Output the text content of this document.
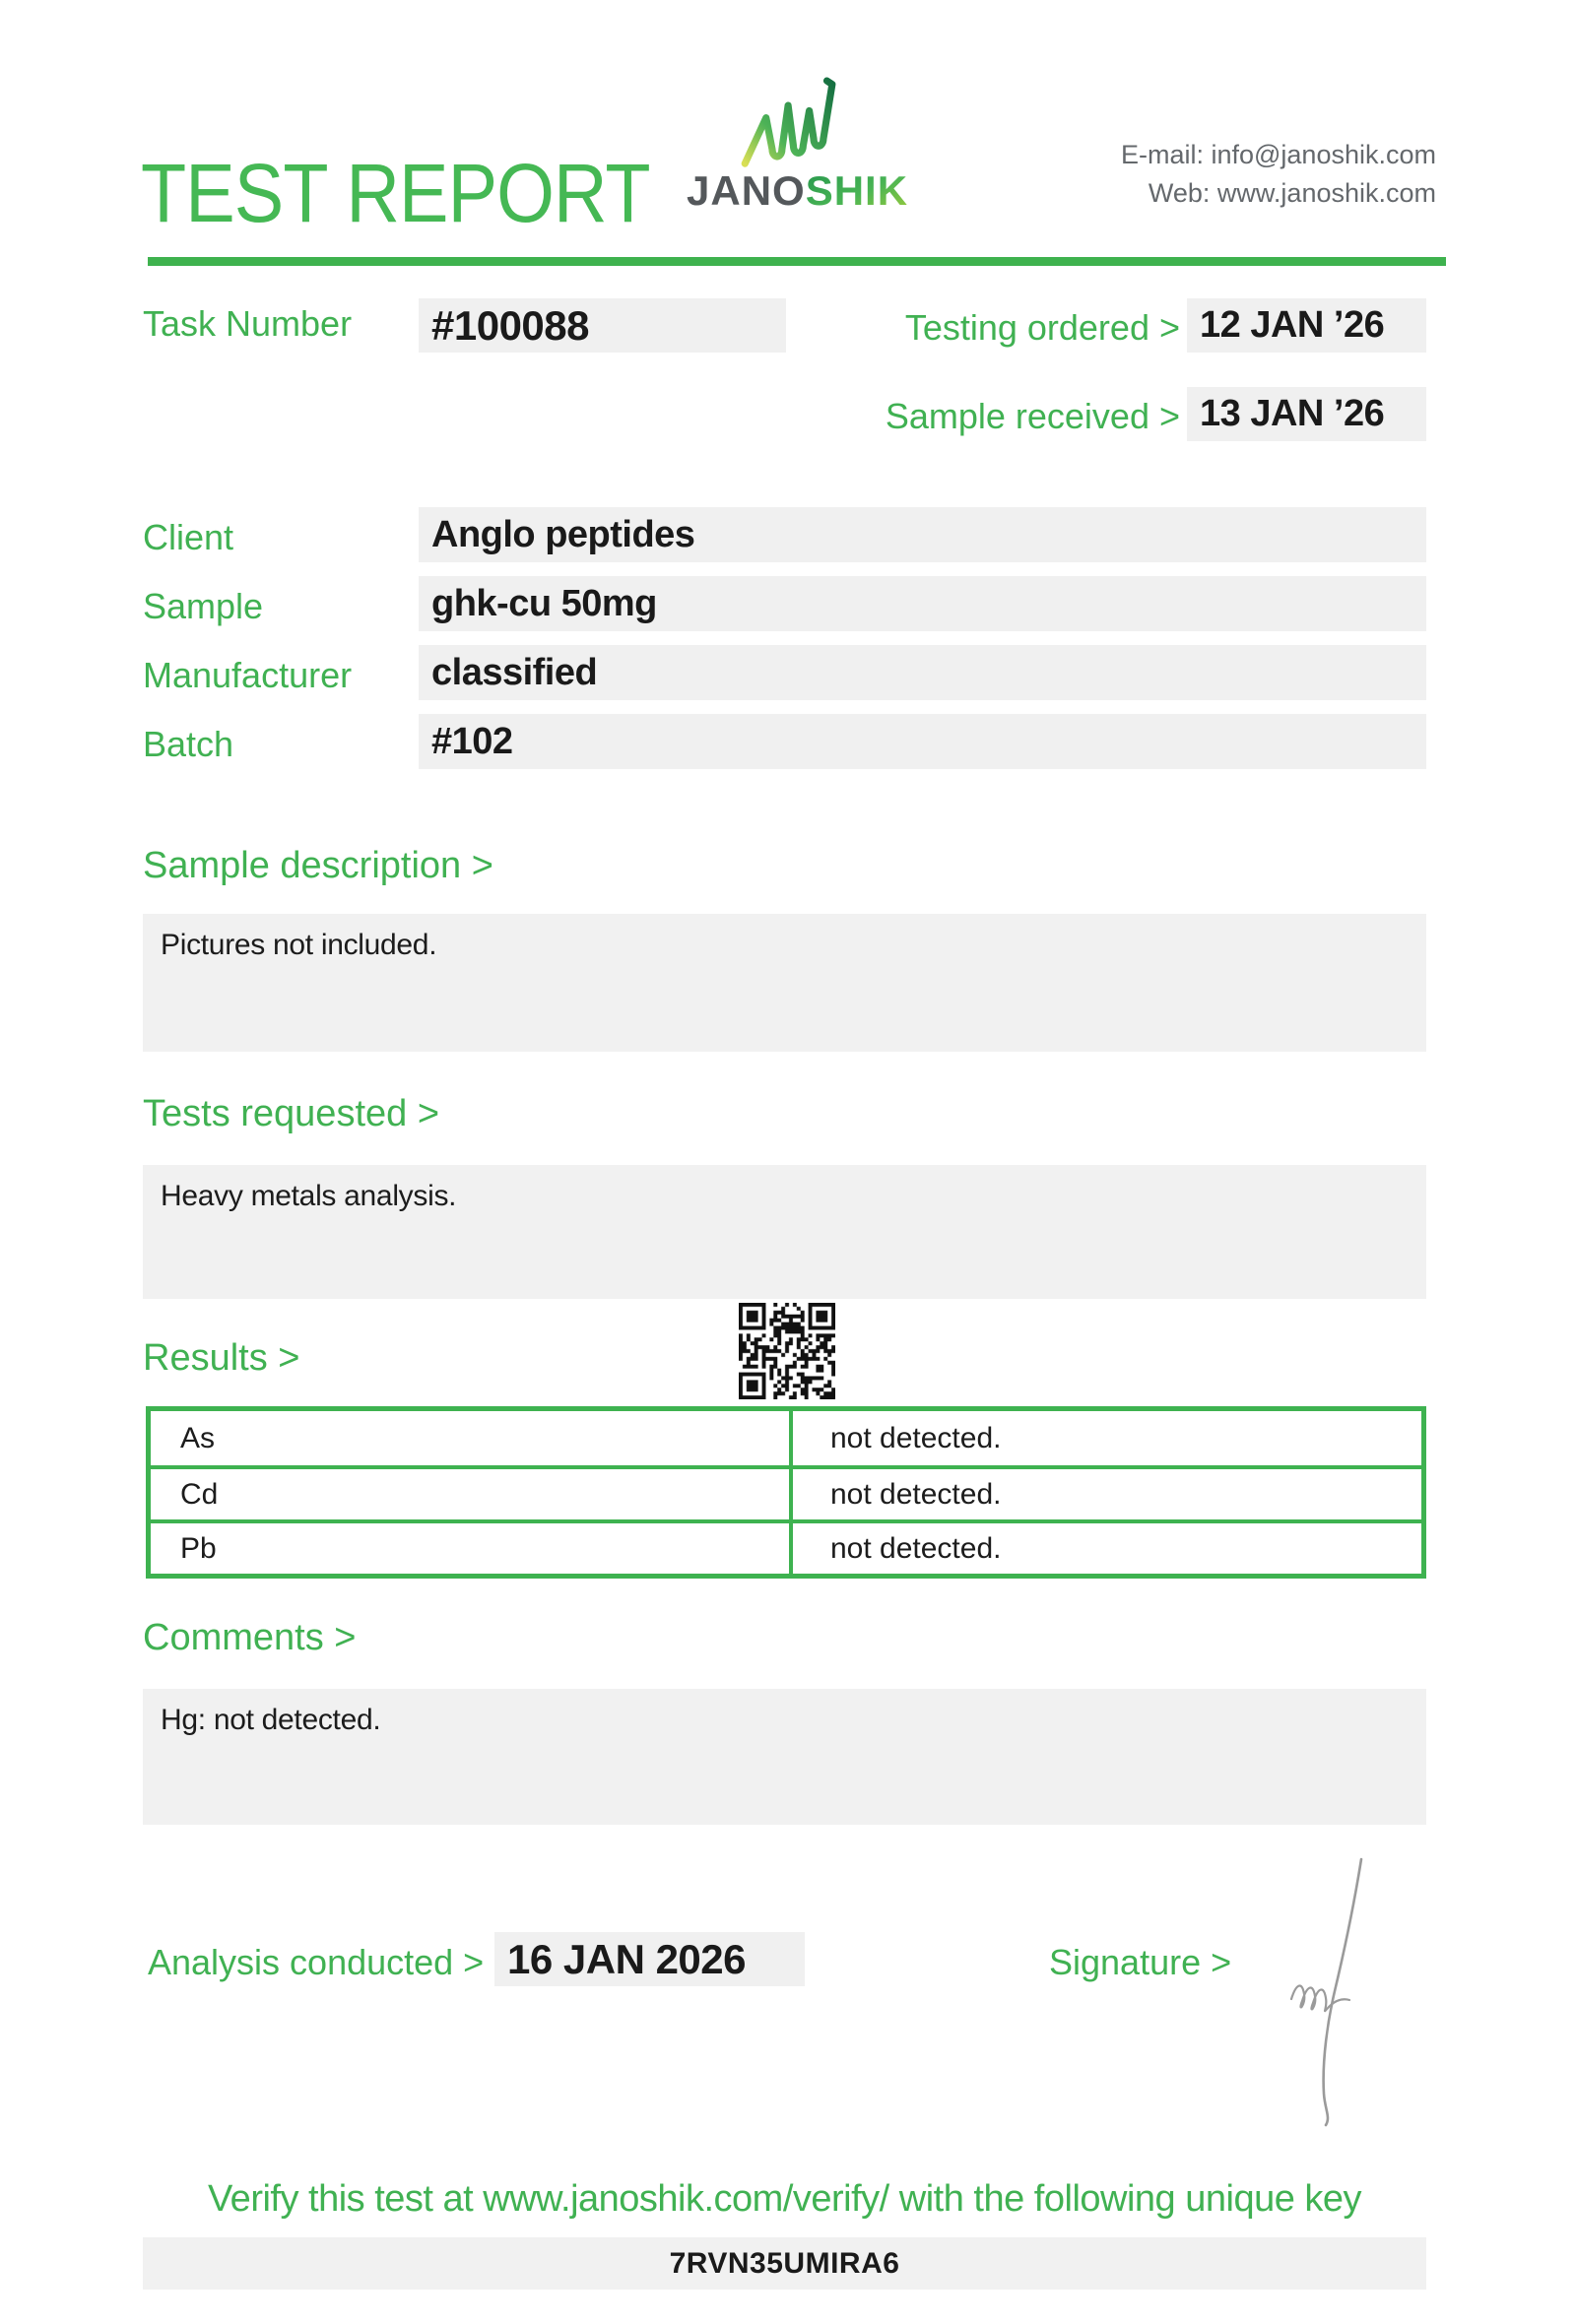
TEST REPORT JANOSHIK
E-mail: info@janoshik.com
Web: www.janoshik.com
Task Number #100088	Testing ordered > 12 JAN ’26
Sample received > 13 JAN ’26
Client	Anglo peptides
Sample	ghk-cu 50mg
Manufacturer classified
Batch	#102
Sample description >
Pictures not included.
Tests requested >
Heavy metals analysis.
Results >
As	not detected.
Cd	not detected.
Pb	not detected.
Comments >
Hg: not detected.
Analysis conducted > 16 JAN 2026	Signature >
Verify this test at www.janoshik.com/verify/ with the following unique key
7RVN35UMIRA6
